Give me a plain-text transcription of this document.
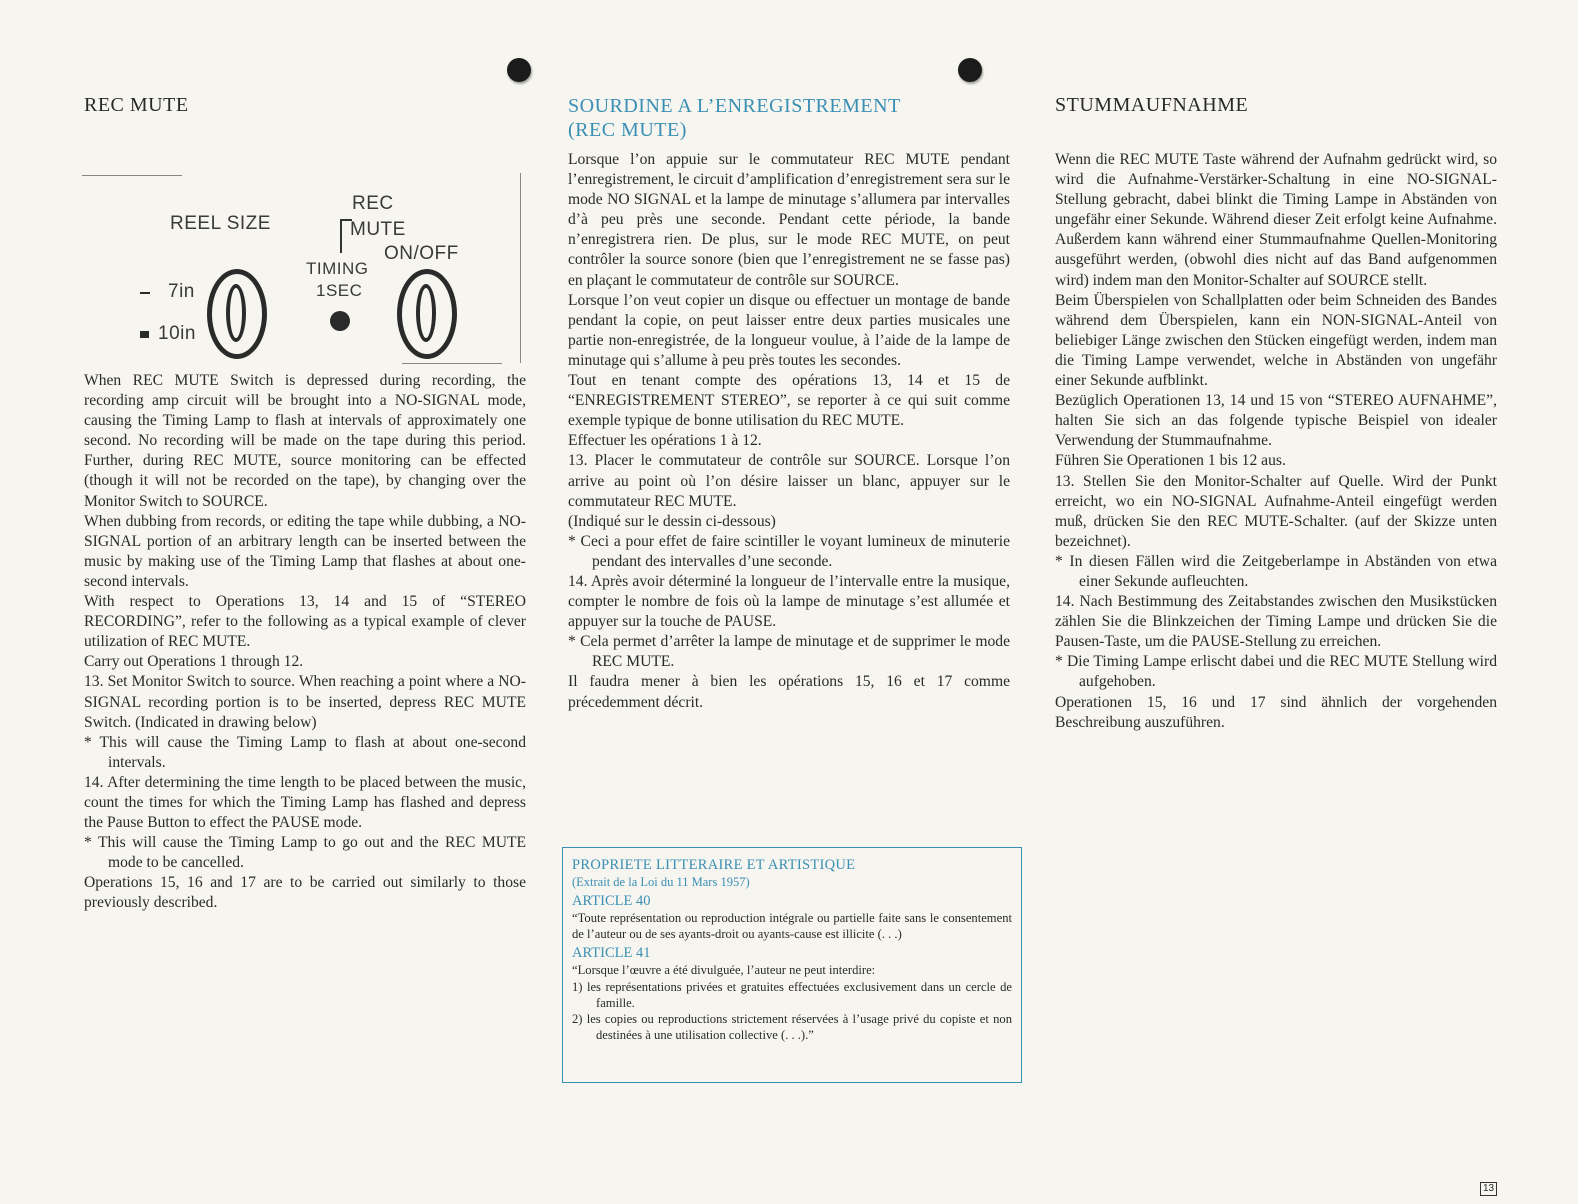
REC MUTE
REEL SIZE
REC
MUTE
ON/OFF
TIMING
1SEC
7in
10in

When REC MUTE Switch is depressed during recording, the recording amp circuit will be brought into a NO-SIGNAL mode, causing the Timing Lamp to flash at intervals of approximately one second. No recording will be made on the tape during this period. Further, during REC MUTE, source monitoring can be effected (though it will not be recorded on the tape), by changing over the Monitor Switch to SOURCE.

When dubbing from records, or editing the tape while dubbing, a NO-SIGNAL portion of an arbitrary length can be inserted between the music by making use of the Timing Lamp that flashes at about one-second intervals.

With respect to Operations 13, 14 and 15 of “STEREO RECORDING”, refer to the following as a typical example of clever utilization of REC MUTE.

Carry out Operations 1 through 12.

13. Set Monitor Switch to source. When reaching a point where a NO-SIGNAL recording portion is to be inserted, depress REC MUTE Switch. (Indicated in drawing below)

* This will cause the Timing Lamp to flash at about one-second intervals.

14. After determining the time length to be placed between the music, count the times for which the Timing Lamp has flashed and depress the Pause Button to effect the PAUSE mode.

* This will cause the Timing Lamp to go out and the REC MUTE mode to be cancelled.

Operations 15, 16 and 17 are to be carried out similarly to those previously described.

SOURDINE A L’ENREGISTREMENT
(REC MUTE)

Lorsque l’on appuie sur le commutateur REC MUTE pendant l’enregistrement, le circuit d’amplification d’enregistrement sera sur le mode NO SIGNAL et la lampe de minutage s’allumera par intervalles d’à peu près une seconde. Pendant cette période, la bande n’enregistrera rien. De plus, sur le mode REC MUTE, on peut contrôler la source sonore (bien que l’enregistrement ne se fasse pas) en plaçant le commutateur de contrôle sur SOURCE.

Lorsque l’on veut copier un disque ou effectuer un montage de bande pendant la copie, on peut laisser entre deux parties musicales une partie non-enregistrée, de la longueur voulue, à l’aide de la lampe de minutage qui s’allume à peu près toutes les secondes.

Tout en tenant compte des opérations 13, 14 et 15 de “ENREGISTREMENT STEREO”, se reporter à ce qui suit comme exemple typique de bonne utilisation du REC MUTE.

Effectuer les opérations 1 à 12.

13. Placer le commutateur de contrôle sur SOURCE. Lorsque l’on arrive au point où l’on désire laisser un blanc, appuyer sur le commutateur REC MUTE.

(Indiqué sur le dessin ci-dessous)

* Ceci a pour effet de faire scintiller le voyant lumineux de minuterie pendant des intervalles d’une seconde.

14. Après avoir déterminé la longueur de l’intervalle entre la musique, compter le nombre de fois où la lampe de minutage s’est allumée et appuyer sur la touche de PAUSE.

* Cela permet d’arrêter la lampe de minutage et de supprimer le mode REC MUTE.

Il faudra mener à bien les opérations 15, 16 et 17 comme précedemment décrit.

PROPRIETE LITTERAIRE ET ARTISTIQUE

(Extrait de la Loi du 11 Mars 1957)

ARTICLE 40

“Toute représentation ou reproduction intégrale ou partielle faite sans le consentement de l’auteur ou de ses ayants-droit ou ayants-cause est illicite (. . .)

ARTICLE 41

“Lorsque l’œuvre a été divulguée, l’auteur ne peut interdire:

1) les représentations privées et gratuites effectuées exclusivement dans un cercle de famille.

2) les copies ou reproductions strictement réservées à l’usage privé du copiste et non destinées à une utilisation collective (. . .).”

STUMMAUFNAHME

Wenn die REC MUTE Taste während der Aufnahm gedrückt wird, so wird die Aufnahme-Verstärker-Schaltung in eine NO-SIGNAL-Stellung gebracht, dabei blinkt die Timing Lampe in Abständen von ungefähr einer Sekunde. Während dieser Zeit erfolgt keine Aufnahme. Außerdem kann während einer Stummaufnahme Quellen-Monitoring ausgeführt werden, (obwohl dies nicht auf das Band aufgenommen wird) indem man den Monitor-Schalter auf SOURCE stellt.

Beim Überspielen von Schallplatten oder beim Schneiden des Bandes während dem Überspielen, kann ein NON-SIGNAL-Anteil von beliebiger Länge zwischen den Stücken eingefügt werden, indem man die Timing Lampe verwendet, welche in Abständen von ungefähr einer Sekunde aufblinkt.

Bezüglich Operationen 13, 14 und 15 von “STEREO AUFNAHME”, halten Sie sich an das folgende typische Beispiel von idealer Verwendung der Stummaufnahme.

Führen Sie Operationen 1 bis 12 aus.

13. Stellen Sie den Monitor-Schalter auf Quelle. Wird der Punkt erreicht, wo ein NO-SIGNAL Aufnahme-Anteil eingefügt werden muß, drücken Sie den REC MUTE-Schalter. (auf der Skizze unten bezeichnet).

* In diesen Fällen wird die Zeitgeberlampe in Abständen von etwa einer Sekunde aufleuchten.

14. Nach Bestimmung des Zeitabstandes zwischen den Musikstücken zählen Sie die Blinkzeichen der Timing Lampe und drücken Sie die Pausen-Taste, um die PAUSE-Stellung zu erreichen.

* Die Timing Lampe erlischt dabei und die REC MUTE Stellung wird aufgehoben.

Operationen 15, 16 und 17 sind ähnlich der vorgehenden Beschreibung auszuführen.

13
